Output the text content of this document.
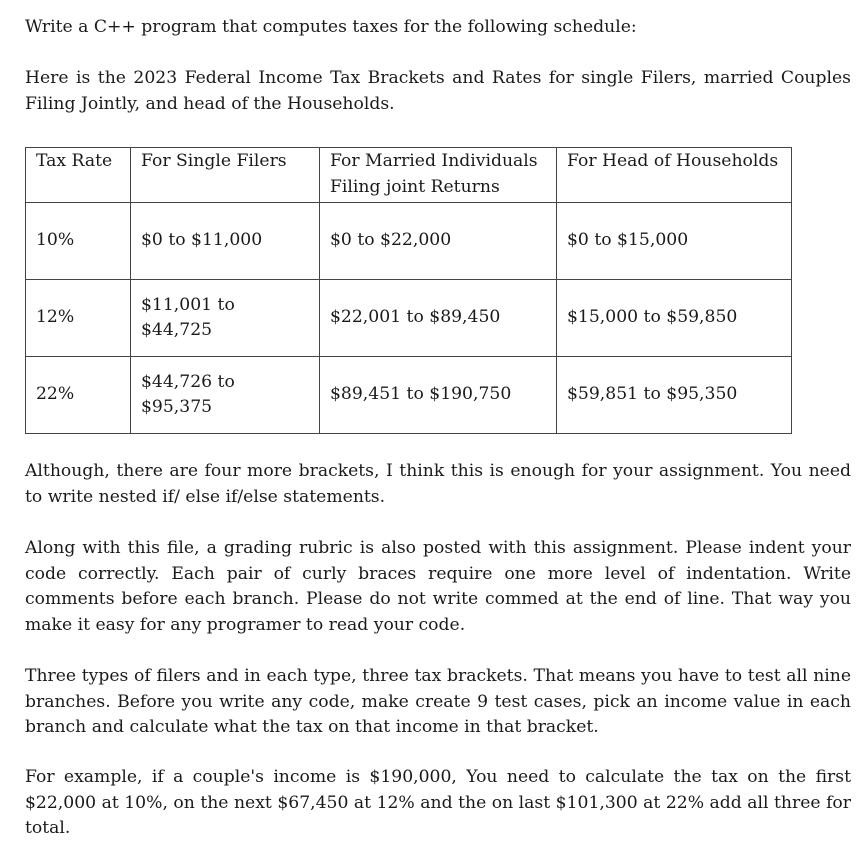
Write a C++ program that computes taxes for the following schedule:

Here is the 2023 Federal Income Tax Brackets and Rates for single Filers, married Couples Filing Jointly, and head of the Households.

Tax Rate	For Single Filers	For Married Individuals Filing joint Returns	For Head of Households
10%	$0 to $11,000	$0 to $22,000	$0 to $15,000
12%	$11,001 to $44,725	$22,001 to $89,450	$15,000 to $59,850
22%	$44,726 to $95,375	$89,451 to $190,750	$59,851 to $95,350

Although, there are four more brackets, I think this is enough for your assignment. You need to write nested if/ else if/else statements.

Along with this file, a grading rubric is also posted with this assignment. Please indent your code correctly. Each pair of curly braces require one more level of indentation. Write comments before each branch. Please do not write commed at the end of line. That way you make it easy for any programer to read your code.

Three types of filers and in each type, three tax brackets. That means you have to test all nine branches. Before you write any code, make create 9 test cases, pick an income value in each branch and calculate what the tax on that income in that bracket.

For example, if a couple's income is $190,000, You need to calculate the tax on the first $22,000 at 10%, on the next $67,450 at 12% and the on last $101,300 at 22% add all three for total.
